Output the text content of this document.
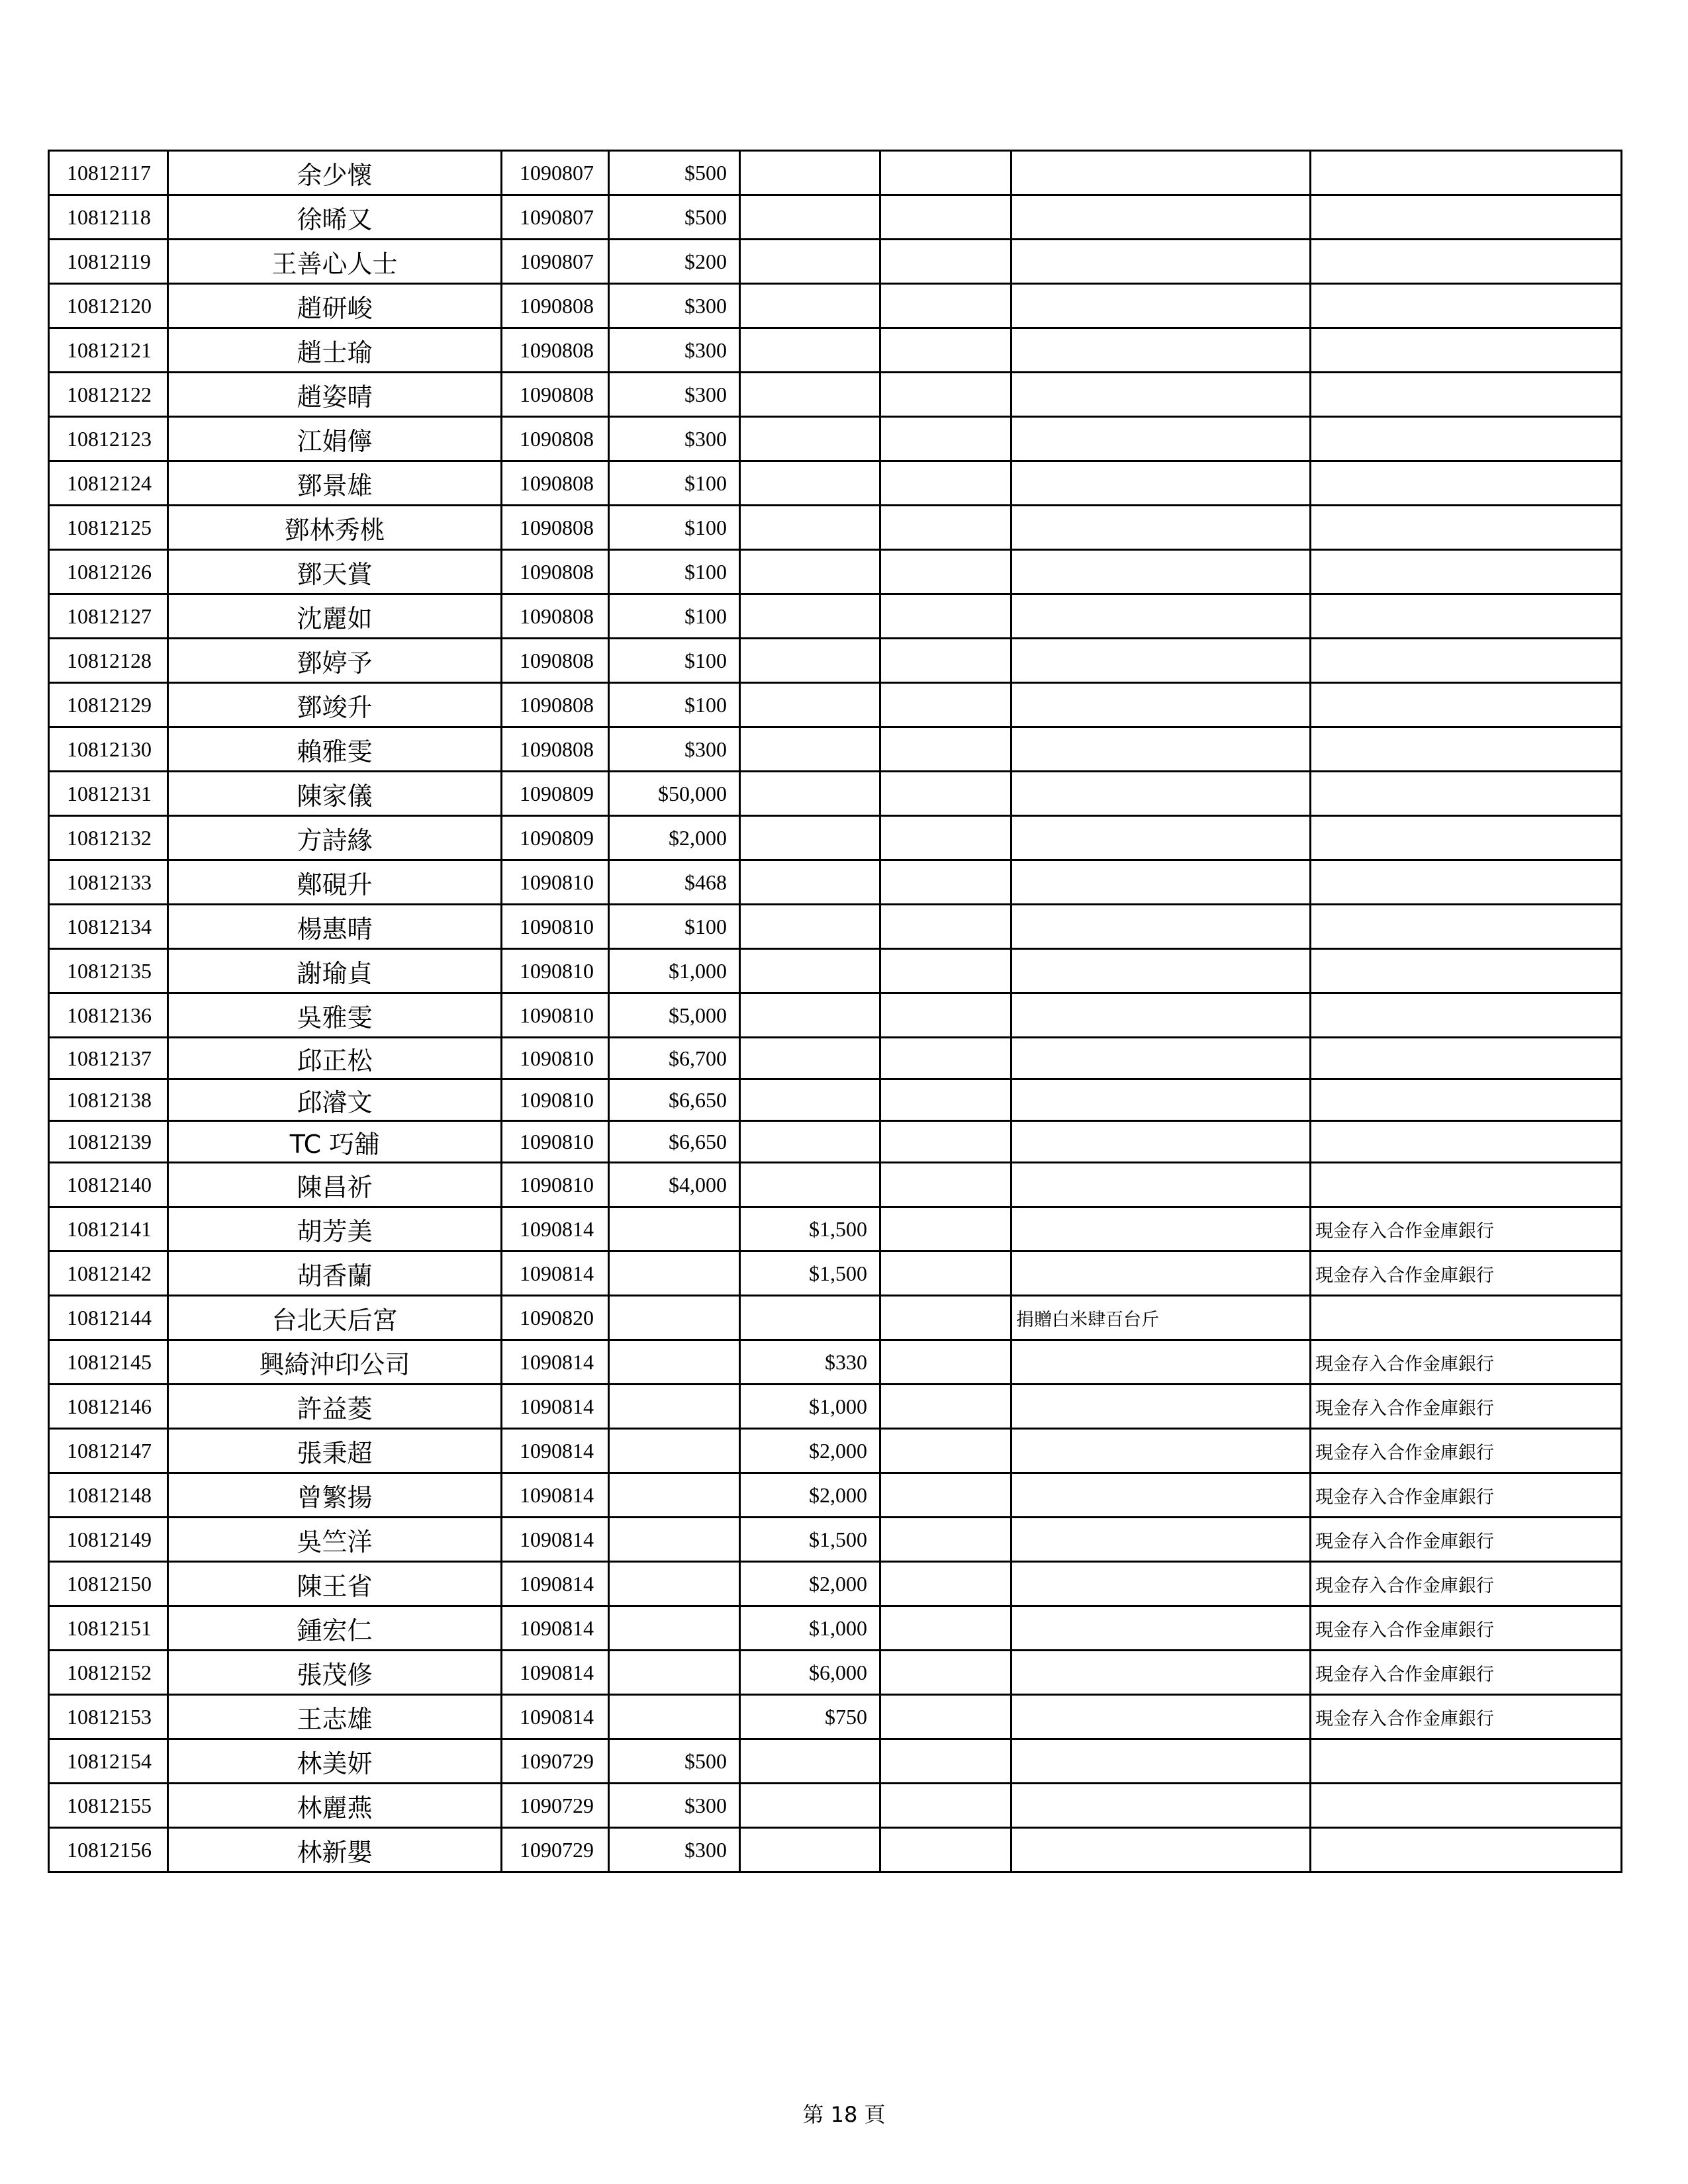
10812117	余少懷	1090807	$500				
10812118	徐晞又	1090807	$500				
10812119	王善心人士	1090807	$200				
10812120	趙研峻	1090808	$300				
10812121	趙士瑜	1090808	$300				
10812122	趙姿晴	1090808	$300				
10812123	江娟儜	1090808	$300				
10812124	鄧景雄	1090808	$100				
10812125	鄧林秀桃	1090808	$100				
10812126	鄧天賞	1090808	$100				
10812127	沈麗如	1090808	$100				
10812128	鄧婷予	1090808	$100				
10812129	鄧竣升	1090808	$100				
10812130	賴雅雯	1090808	$300				
10812131	陳家儀	1090809	$50,000				
10812132	方詩緣	1090809	$2,000				
10812133	鄭硯升	1090810	$468				
10812134	楊惠晴	1090810	$100				
10812135	謝瑜貞	1090810	$1,000				
10812136	吳雅雯	1090810	$5,000				
10812137	邱正松	1090810	$6,700				
10812138	邱濬文	1090810	$6,650				
10812139	TC 巧舖	1090810	$6,650				
10812140	陳昌祈	1090810	$4,000				
10812141	胡芳美	1090814		$1,500			現金存入合作金庫銀行
10812142	胡香蘭	1090814		$1,500			現金存入合作金庫銀行
10812144	台北天后宮	1090820				捐贈白米肆百台斤	
10812145	興綺沖印公司	1090814		$330			現金存入合作金庫銀行
10812146	許益菱	1090814		$1,000			現金存入合作金庫銀行
10812147	張秉超	1090814		$2,000			現金存入合作金庫銀行
10812148	曾繁揚	1090814		$2,000			現金存入合作金庫銀行
10812149	吳竺洋	1090814		$1,500			現金存入合作金庫銀行
10812150	陳王省	1090814		$2,000			現金存入合作金庫銀行
10812151	鍾宏仁	1090814		$1,000			現金存入合作金庫銀行
10812152	張茂修	1090814		$6,000			現金存入合作金庫銀行
10812153	王志雄	1090814		$750			現金存入合作金庫銀行
10812154	林美妍	1090729	$500				
10812155	林麗燕	1090729	$300				
10812156	林新嬰	1090729	$300				
第 18 頁
